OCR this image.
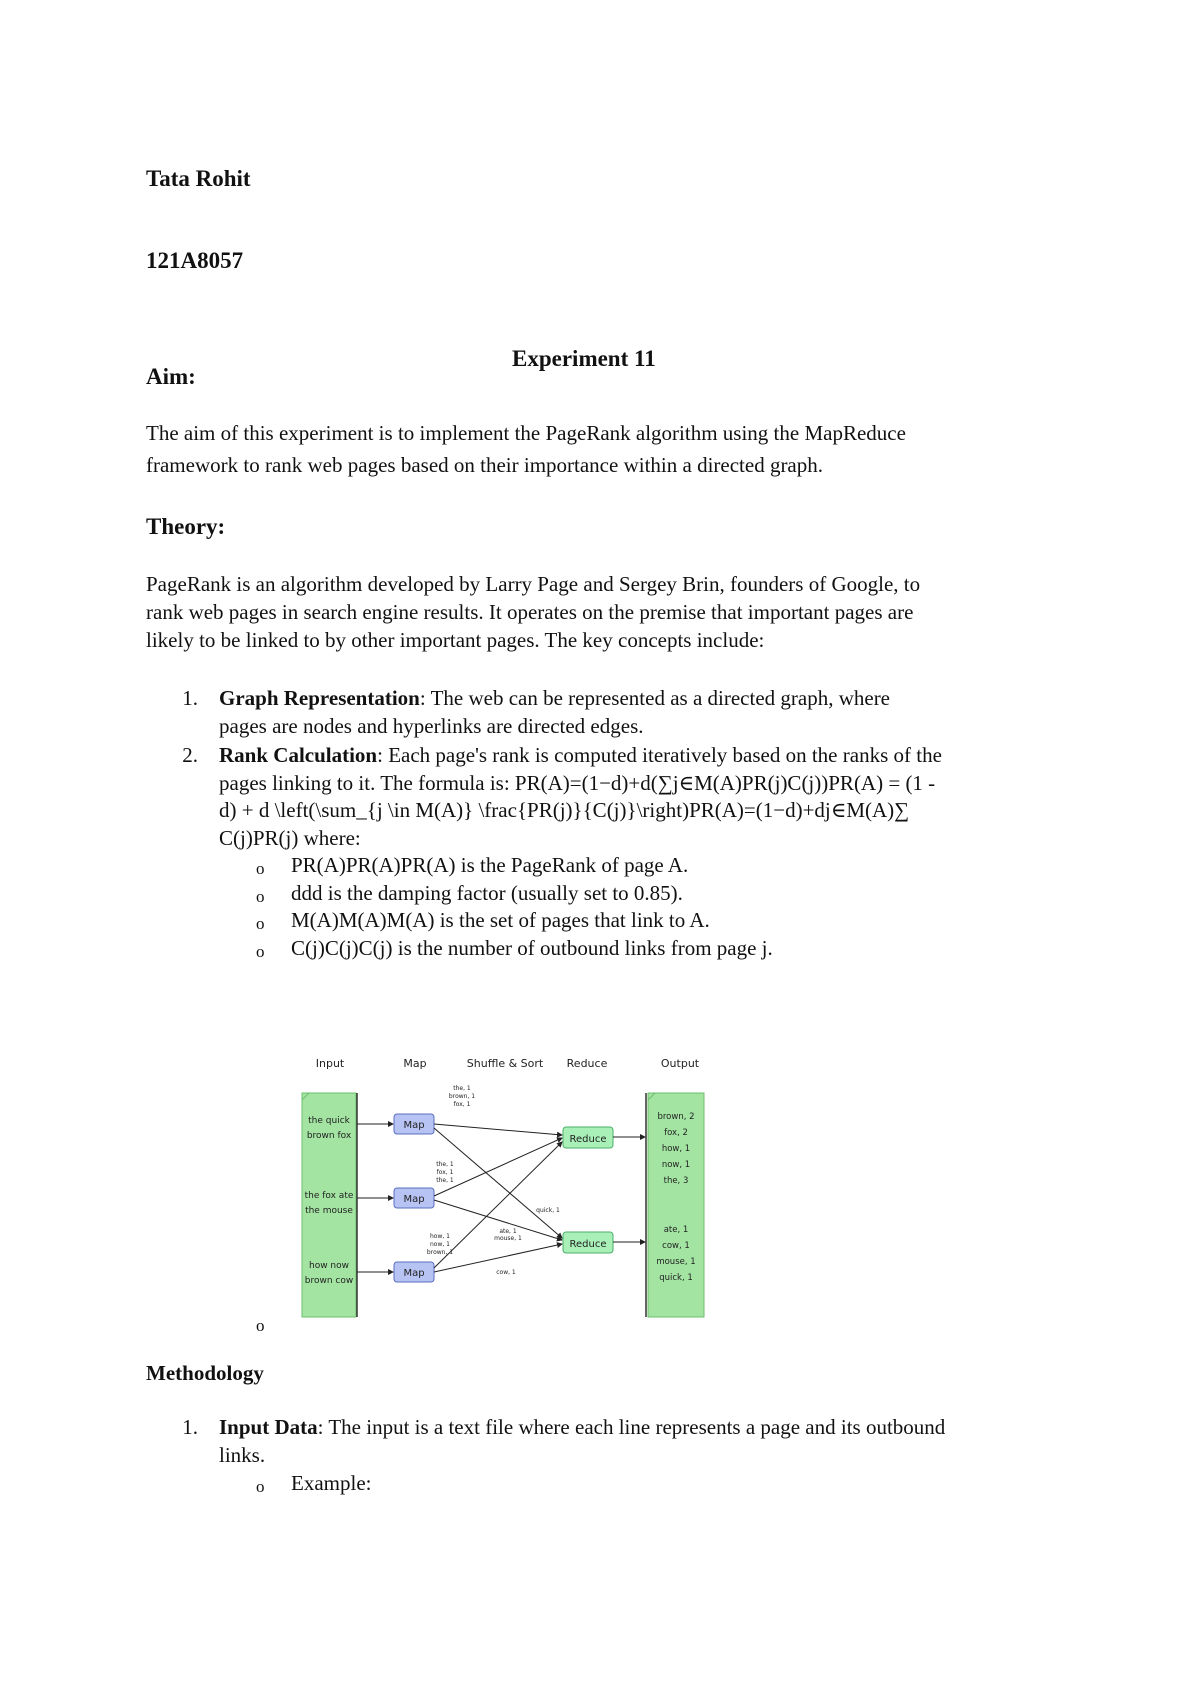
Tata Rohit
121A8057
Experiment 11
Aim:
The aim of this experiment is to implement the PageRank algorithm using the MapReduce
framework to rank web pages based on their importance within a directed graph.
Theory:
PageRank is an algorithm developed by Larry Page and Sergey Brin, founders of Google, to
rank web pages in search engine results. It operates on the premise that important pages are
likely to be linked to by other important pages. The key concepts include:
1. Graph Representation: The web can be represented as a directed graph, where
pages are nodes and hyperlinks are directed edges.
2. Rank Calculation: Each page's rank is computed iteratively based on the ranks of the
pages linking to it. The formula is: PR(A)=(1−d)+d(∑j∈M(A)PR(j)C(j))PR(A) = (1 -
d) + d \left(\sum_{j \in M(A)} \frac{PR(j)}{C(j)}\right)PR(A)=(1−d)+dj∈M(A)∑
C(j)PR(j) where:
o PR(A)PR(A)PR(A) is the PageRank of page A.
o ddd is the damping factor (usually set to 0.85).
o M(A)M(A)M(A) is the set of pages that link to A.
o C(j)C(j)C(j) is the number of outbound links from page j.
Input	Map	Shuffle & Sort Reduce	Output
the quick
brown fox
the fox ate
the mouse
how now
brown cow
Map
Map
Map
the, 1
brown, 1
fox, 1
the, 1
fox, 1
the, 1
how, 1
now, 1
brown, 1
quick, 1
ate, 1
mouse, 1
cow, 1
Reduce
Reduce
brown, 2
fox, 2
how, 1
now, 1
the, 3
ate, 1
cow, 1
mouse, 1
quick, 1
o
Methodology
1. Input Data: The input is a text file where each line represents a page and its outbound
links.
o Example:
